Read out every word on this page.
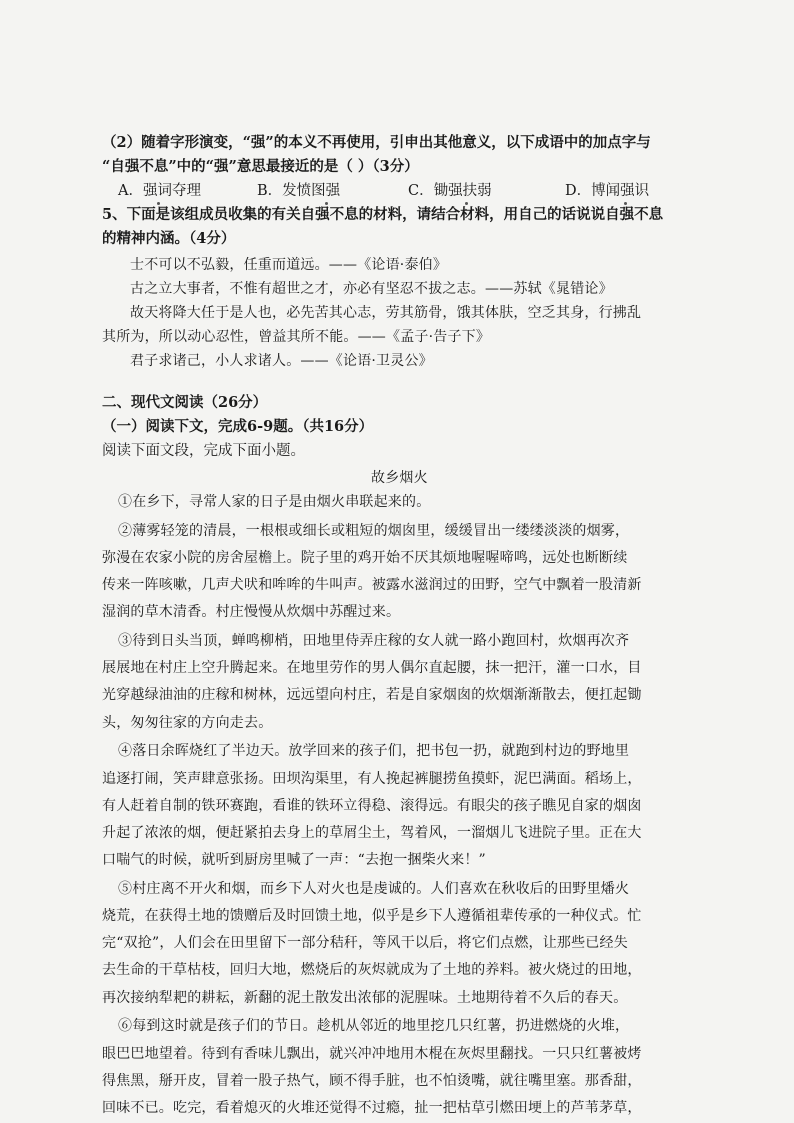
（2）随着字形演变，“强”的本义不再使用，引申出其他意义，以下成语中的加点字与
“自强不息”中的“强”意思最接近的是（ ）（3分）
A．强词夺理	B．发愤图强	C．锄强扶弱	D．博闻强识
5、下面是该组成员收集的有关自强不息的材料，请结合材料，用自己的话说说自强不息
的精神内涵。（4分）
士不可以不弘毅，任重而道远。——《论语·泰伯》
古之立大事者，不惟有超世之才，亦必有坚忍不拔之志。——苏轼《晁错论》
故天将降大任于是人也，必先苦其心志，劳其筋骨，饿其体肤，空乏其身，行拂乱
其所为，所以动心忍性，曾益其所不能。——《孟子·告子下》
君子求诸己，小人求诸人。——《论语·卫灵公》
二、现代文阅读（26分）
（一）阅读下文，完成6-9题。（共16分）
阅读下面文段，完成下面小题。
故乡烟火
①在乡下，寻常人家的日子是由烟火串联起来的。
②薄雾轻笼的清晨，一根根或细长或粗短的烟囱里，缓缓冒出一缕缕淡淡的烟雾，
弥漫在农家小院的房舍屋檐上。院子里的鸡开始不厌其烦地喔喔啼鸣，远处也断断续
传来一阵咳嗽，几声犬吠和哞哞的牛叫声。被露水滋润过的田野，空气中飘着一股清新
湿润的草木清香。村庄慢慢从炊烟中苏醒过来。
③待到日头当顶，蝉鸣柳梢，田地里侍弄庄稼的女人就一路小跑回村，炊烟再次齐
展展地在村庄上空升腾起来。在地里劳作的男人偶尔直起腰，抹一把汗，灌一口水，目
光穿越绿油油的庄稼和树林，远远望向村庄，若是自家烟囱的炊烟渐渐散去，便扛起锄
头，匆匆往家的方向走去。
④落日余晖烧红了半边天。放学回来的孩子们，把书包一扔，就跑到村边的野地里
追逐打闹，笑声肆意张扬。田坝沟渠里，有人挽起裤腿捞鱼摸虾，泥巴满面。稻场上，
有人赶着自制的铁环赛跑，看谁的铁环立得稳、滚得远。有眼尖的孩子瞧见自家的烟囱
升起了浓浓的烟，便赶紧拍去身上的草屑尘土，驾着风，一溜烟儿飞进院子里。正在大
口喘气的时候，就听到厨房里喊了一声：“去抱一捆柴火来！”
⑤村庄离不开火和烟，而乡下人对火也是虔诚的。人们喜欢在秋收后的田野里燔火
烧荒，在获得土地的馈赠后及时回馈土地，似乎是乡下人遵循祖辈传承的一种仪式。忙
完“双抢”，人们会在田里留下一部分秸秆，等风干以后，将它们点燃，让那些已经失
去生命的干草枯枝，回归大地，燃烧后的灰烬就成为了土地的养料。被火烧过的田地，
再次接纳犁耙的耕耘，新翻的泥土散发出浓郁的泥腥味。土地期待着不久后的春天。
⑥每到这时就是孩子们的节日。趁机从邻近的地里挖几只红薯，扔进燃烧的火堆，
眼巴巴地望着。待到有香味儿飘出，就兴冲冲地用木棍在灰烬里翻找。一只只红薯被烤
得焦黑，掰开皮，冒着一股子热气，顾不得手脏，也不怕烫嘴，就往嘴里塞。那香甜，
回味不已。吃完，看着熄灭的火堆还觉得不过瘾，扯一把枯草引燃田埂上的芦苇茅草，
